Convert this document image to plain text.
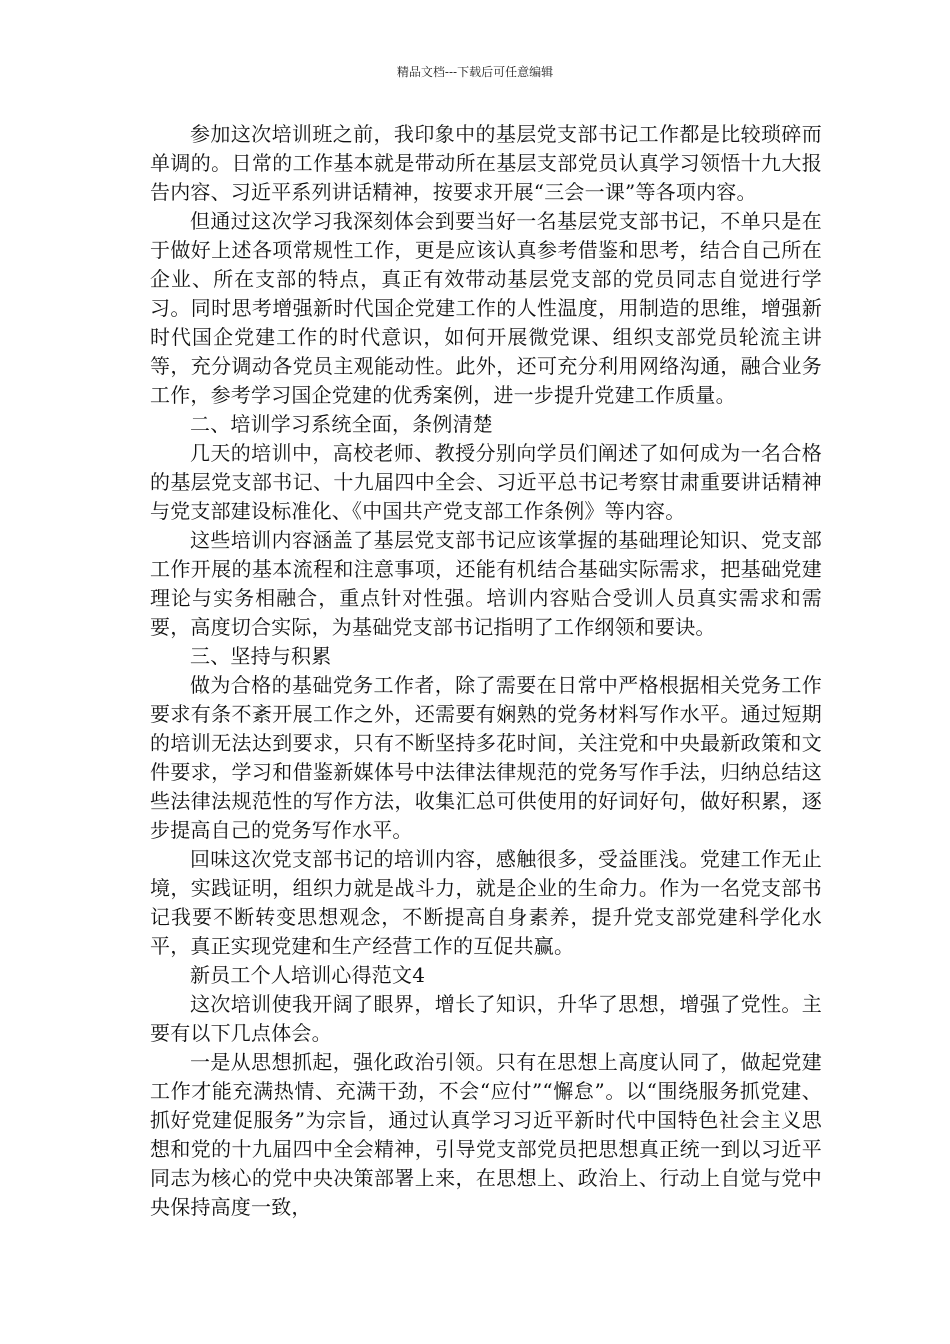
精品文档---下载后可任意编辑

参加这次培训班之前，我印象中的基层党支部书记工作都是比较琐碎而单调的。日常的工作基本就是带动所在基层支部党员认真学习领悟十九大报告内容、习近平系列讲话精神，按要求开展“三会一课”等各项内容。

但通过这次学习我深刻体会到要当好一名基层党支部书记，不单只是在于做好上述各项常规性工作，更是应该认真参考借鉴和思考，结合自己所在企业、所在支部的特点，真正有效带动基层党支部的党员同志自觉进行学习。同时思考增强新时代国企党建工作的人性温度，用制造的思维，增强新时代国企党建工作的时代意识，如何开展微党课、组织支部党员轮流主讲等，充分调动各党员主观能动性。此外，还可充分利用网络沟通，融合业务工作，参考学习国企党建的优秀案例，进一步提升党建工作质量。

二、培训学习系统全面，条例清楚

几天的培训中，高校老师、教授分别向学员们阐述了如何成为一名合格的基层党支部书记、十九届四中全会、习近平总书记考察甘肃重要讲话精神与党支部建设标准化、《中国共产党支部工作条例》等内容。

这些培训内容涵盖了基层党支部书记应该掌握的基础理论知识、党支部工作开展的基本流程和注意事项，还能有机结合基础实际需求，把基础党建理论与实务相融合，重点针对性强。培训内容贴合受训人员真实需求和需要，高度切合实际，为基础党支部书记指明了工作纲领和要诀。

三、坚持与积累

做为合格的基础党务工作者，除了需要在日常中严格根据相关党务工作要求有条不紊开展工作之外，还需要有娴熟的党务材料写作水平。通过短期的培训无法达到要求，只有不断坚持多花时间，关注党和中央最新政策和文件要求，学习和借鉴新媒体号中法律法律规范的党务写作手法，归纳总结这些法律法规范性的写作方法，收集汇总可供使用的好词好句，做好积累，逐步提高自己的党务写作水平。

回味这次党支部书记的培训内容，感触很多，受益匪浅。党建工作无止境，实践证明，组织力就是战斗力，就是企业的生命力。作为一名党支部书记我要不断转变思想观念，不断提高自身素养，提升党支部党建科学化水平，真正实现党建和生产经营工作的互促共赢。

新员工个人培训心得范文4

这次培训使我开阔了眼界，增长了知识，升华了思想，增强了党性。主要有以下几点体会。

一是从思想抓起，强化政治引领。只有在思想上高度认同了，做起党建工作才能充满热情、充满干劲，不会“应付”“懈怠”。以“围绕服务抓党建、抓好党建促服务”为宗旨，通过认真学习习近平新时代中国特色社会主义思想和党的十九届四中全会精神，引导党支部党员把思想真正统一到以习近平同志为核心的党中央决策部署上来，在思想上、政治上、行动上自觉与党中央保持高度一致，
